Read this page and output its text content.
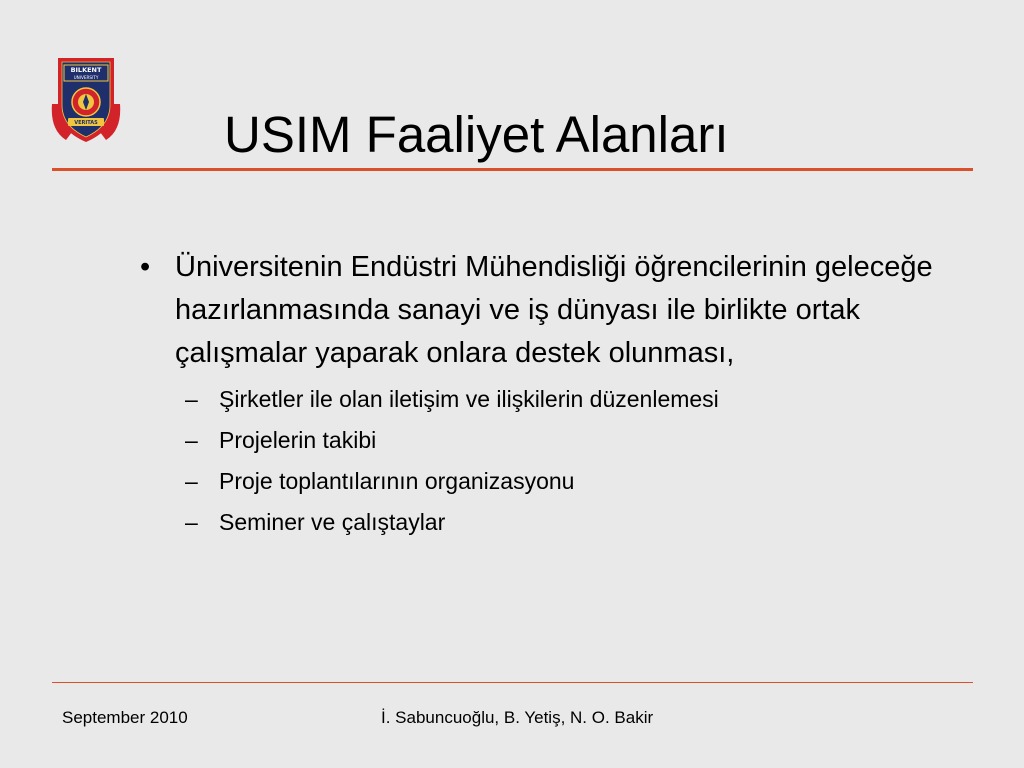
BILKENT
UNIVERSITY
VERITAS USIM Faaliyet Alanları
• Üniversitenin Endüstri Mühendisliği öğrencilerinin geleceğe hazırlanmasında sanayi ve iş dünyası ile birlikte ortak çalışmalar yaparak onlara destek olunması,
– Şirketler ile olan iletişim ve ilişkilerin düzenlemesi
– Projelerin takibi
– Proje toplantılarının organizasyonu
– Seminer ve çalıştaylar
September 2010	İ. Sabuncuoğlu, B. Yetiş, N. O. Bakir
